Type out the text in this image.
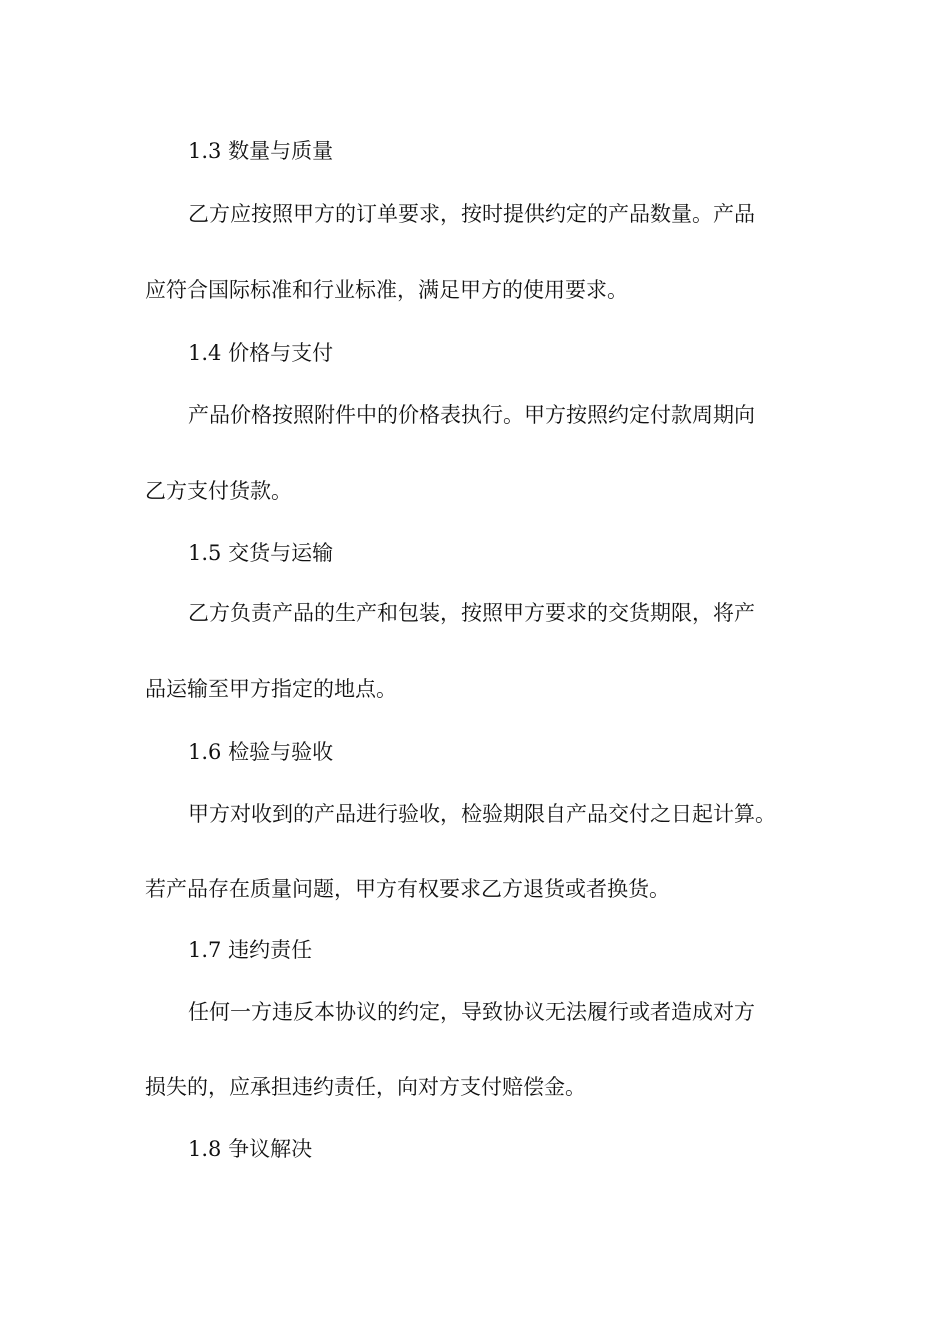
1.3 数量与质量
乙方应按照甲方的订单要求，按时提供约定的产品数量。产品
应符合国际标准和行业标准，满足甲方的使用要求。
1.4 价格与支付
产品价格按照附件中的价格表执行。甲方按照约定付款周期向
乙方支付货款。
1.5 交货与运输
乙方负责产品的生产和包装，按照甲方要求的交货期限，将产
品运输至甲方指定的地点。
1.6 检验与验收
甲方对收到的产品进行验收，检验期限自产品交付之日起计算。
若产品存在质量问题，甲方有权要求乙方退货或者换货。
1.7 违约责任
任何一方违反本协议的约定，导致协议无法履行或者造成对方
损失的，应承担违约责任，向对方支付赔偿金。
1.8 争议解决
